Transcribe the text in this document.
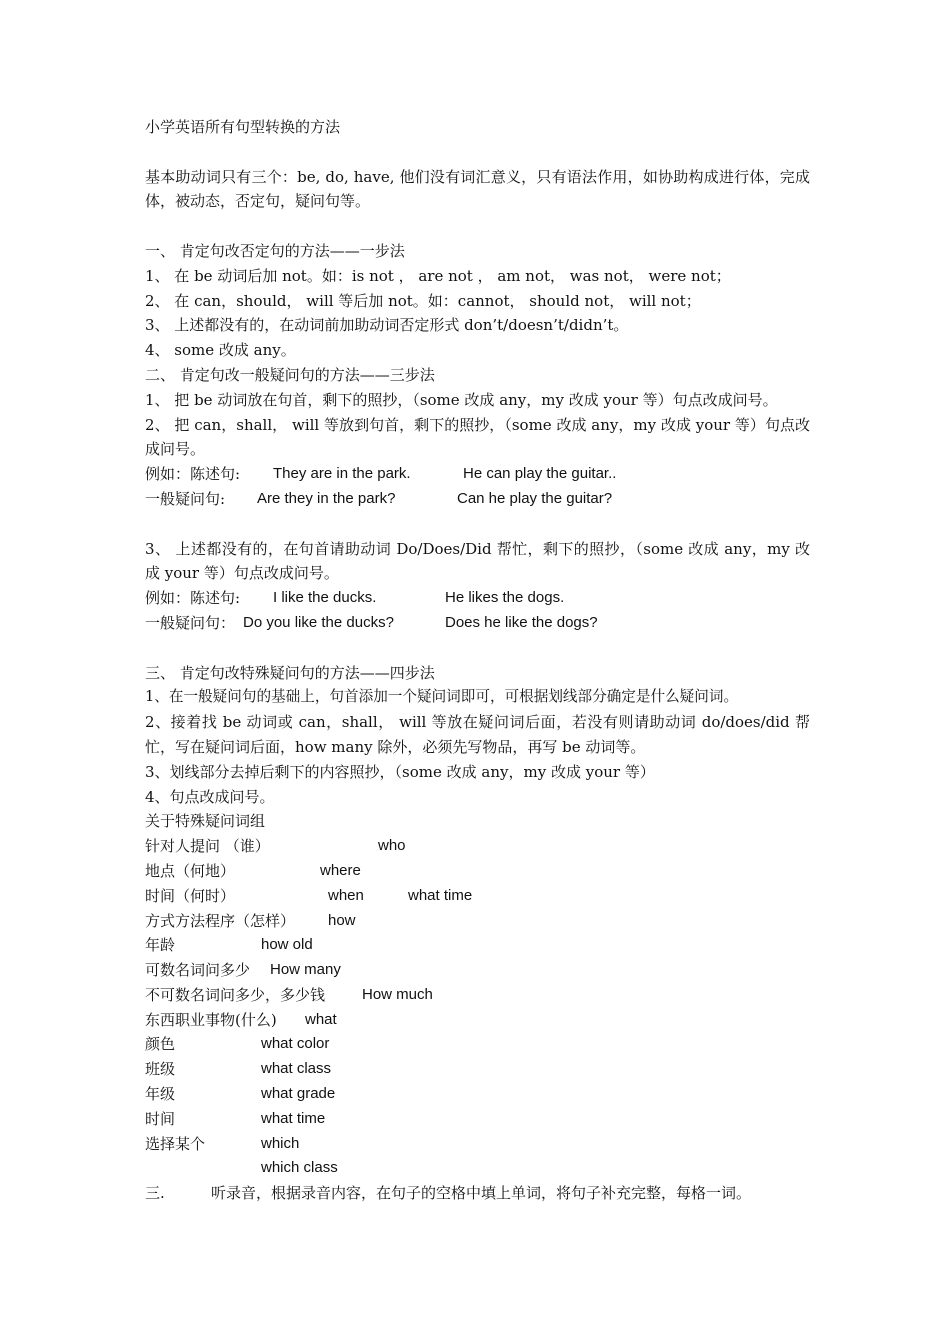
小学英语所有句型转换的方法
基本助动词只有三个：be, do, have, 他们没有词汇意义，只有语法作用，如协助构成进行体，完成体，被动态，否定句，疑问句等。
一、 肯定句改否定句的方法——一步法
1、 在 be 动词后加 not。如：is not ， are not ， am not， was not， were not；
2、 在 can，should， will 等后加 not。如：cannot， should not， will not；
3、 上述都没有的，在动词前加助动词否定形式 don’t/doesn’t/didn’t。
4、 some 改成 any。
二、 肯定句改一般疑问句的方法——三步法
1、 把 be 动词放在句首，剩下的照抄，（some 改成 any，my 改成 your 等）句点改成问号。
2、 把 can，shall， will 等放到句首，剩下的照抄，（some 改成 any，my 改成 your 等）句点改成问号。
例如：陈述句: They are in the park.	He can play the guitar..
一般疑问句: Are they in the park?	Can he play the guitar?
3、 上述都没有的，在句首请助动词 Do/Does/Did 帮忙，剩下的照抄，（some 改成 any，my 改成 your 等）句点改成问号。
例如：陈述句: I like the ducks.	He likes the dogs.
一般疑问句： Do you like the ducks?	Does he like the dogs?
三、 肯定句改特殊疑问句的方法——四步法
1、在一般疑问句的基础上，句首添加一个疑问词即可，可根据划线部分确定是什么疑问词。
2、接着找 be 动词或 can，shall， will 等放在疑问词后面，若没有则请助动词 do/does/did 帮忙，写在疑问词后面，how many 除外，必须先写物品，再写 be 动词等。
3、划线部分去掉后剩下的内容照抄，（some 改成 any，my 改成 your 等）
4、句点改成问号。
关于特殊疑问词组
针对人提问 （谁）	who
地点（何地）	where
时间（何时）	when	what time
方式方法程序（怎样） how
年龄	how old
可数名词问多少 How many
不可数名词问多少，多少钱 How much
东西职业事物(什么) what
颜色	what color
班级	what class
年级	what grade
时间	what time
选择某个	which
which class
三.	听录音，根据录音内容，在句子的空格中填上单词，将句子补充完整，每格一词。
